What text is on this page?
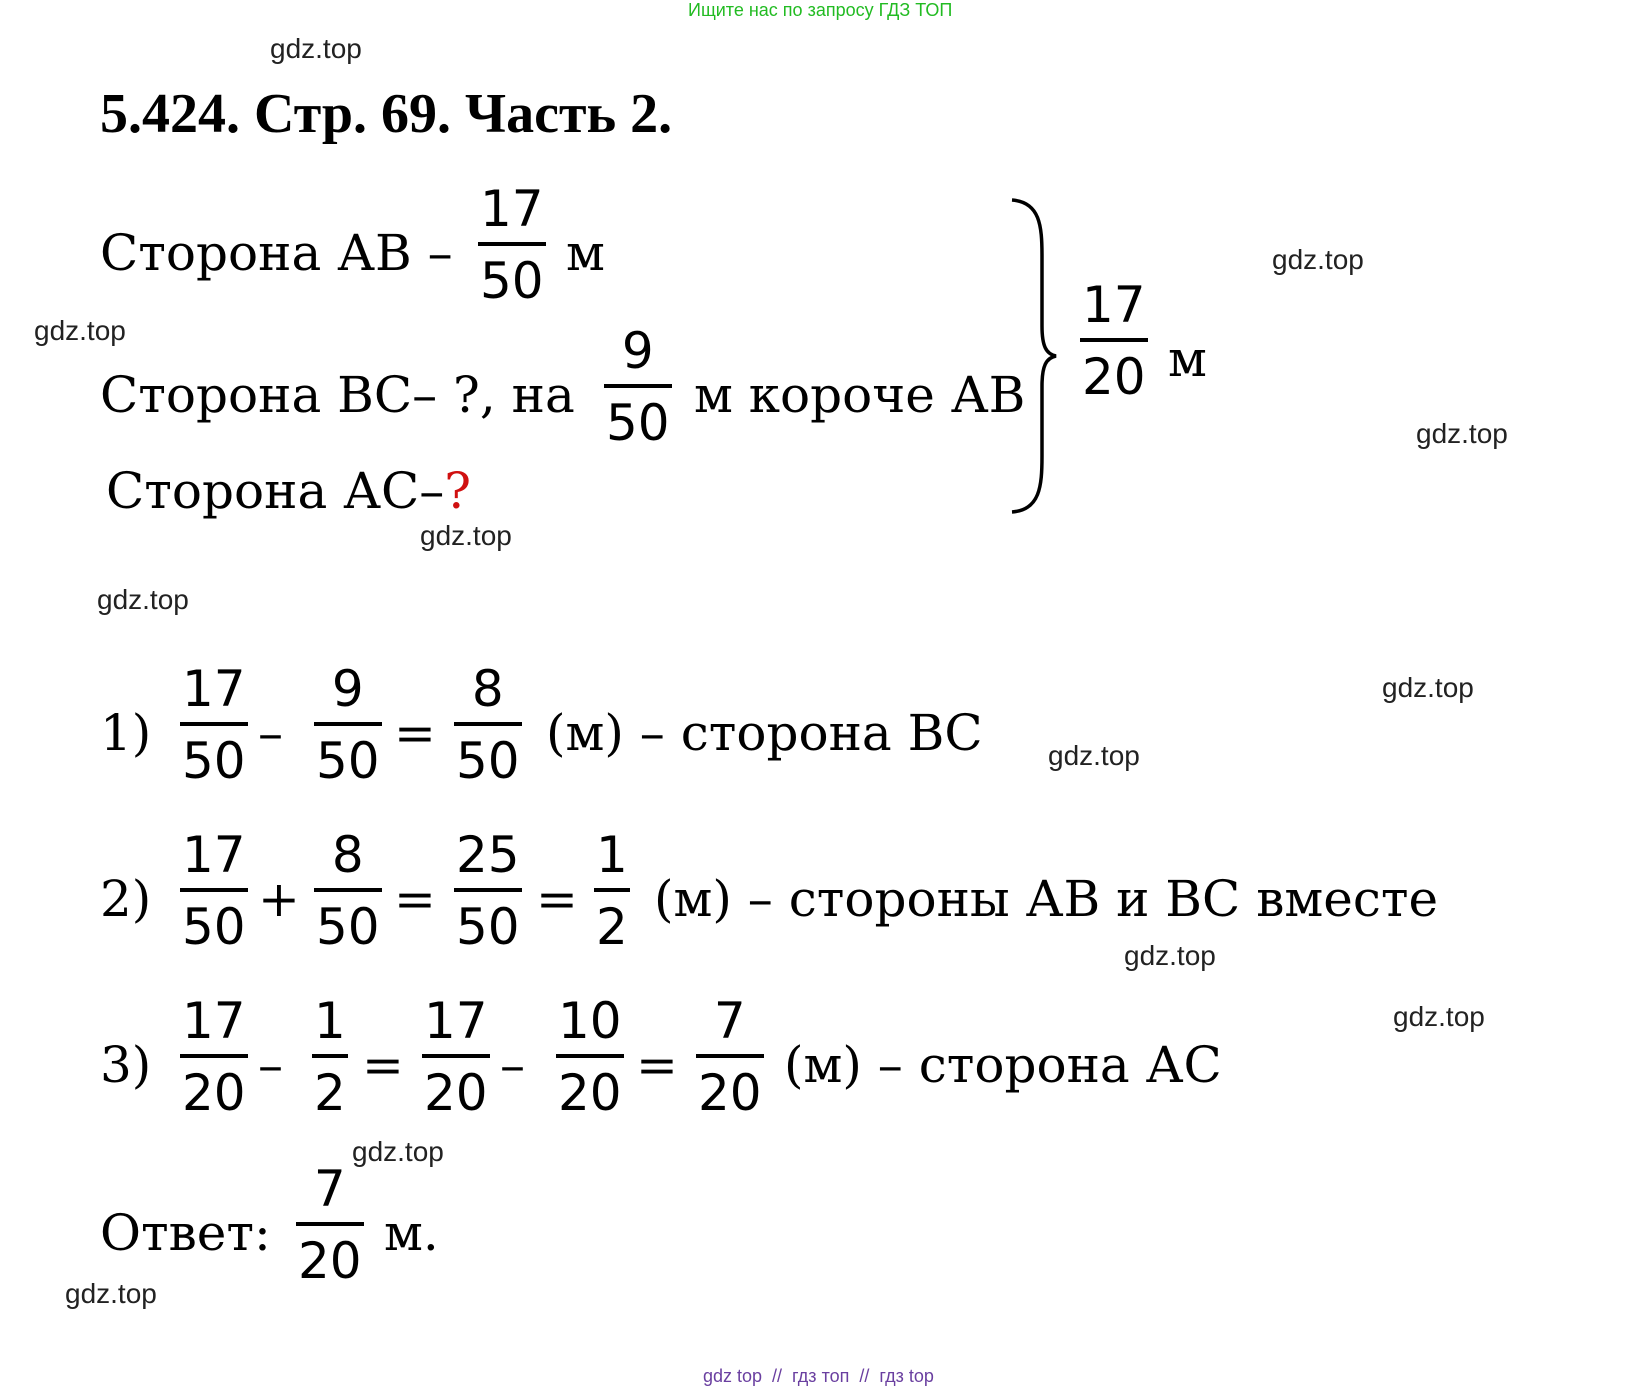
Ищите нас по запросу ГДЗ ТОП
gdz top  //  гдз топ  //  гдз top
gdz.top
gdz.top
gdz.top
gdz.top
gdz.top
gdz.top
gdz.top
gdz.top
gdz.top
gdz.top
gdz.top
gdz.top
5.424. Стр. 69. Часть 2.
Сторона АВ –
17
50 м
Сторона ВС– ?, на
9
50 м короче АВ
Сторона АС–?
17
20 м
1)
17
50 –
9
50 =
8
50 (м) – сторона ВС
2)
17
50 +
8
50 =
25
50 =
1
2 (м) – стороны АВ и ВС вместе
3)
17
20 –
1
2 =
17
20 –
10
20 =
7
20 (м) – сторона АС
Ответ:
7
20 м.
